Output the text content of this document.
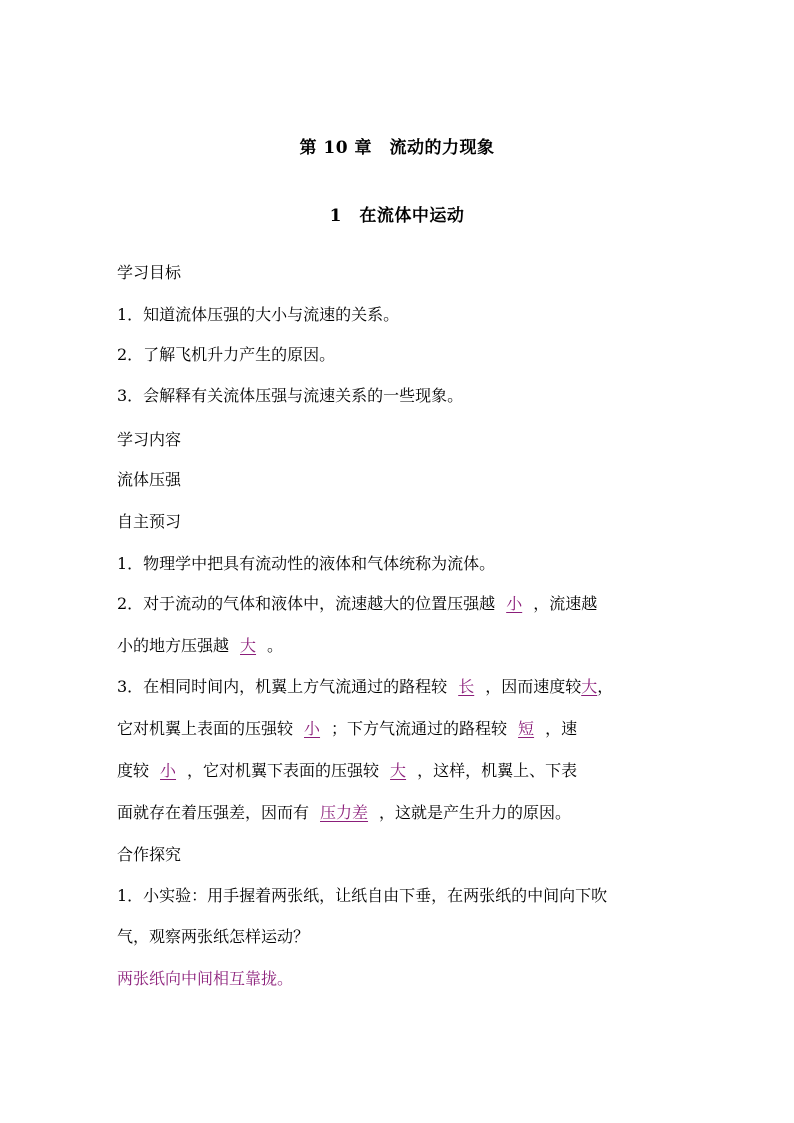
第 10 章　流动的力现象
1　在流体中运动
学习目标
1．知道流体压强的大小与流速的关系。
2．了解飞机升力产生的原因。
3．会解释有关流体压强与流速关系的一些现象。
学习内容
流体压强
自主预习
1．物理学中把具有流动性的液体和气体统称为流体。
2．对于流动的气体和液体中，流速越大的位置压强越 小 ，流速越
小的地方压强越 大 。
3．在相同时间内，机翼上方气流通过的路程较 长 ，因而速度较大，
它对机翼上表面的压强较 小 ；下方气流通过的路程较 短 ，速
度较 小 ，它对机翼下表面的压强较 大 ，这样，机翼上、下表
面就存在着压强差，因而有 压力差 ，这就是产生升力的原因。
合作探究
1．小实验：用手握着两张纸，让纸自由下垂，在两张纸的中间向下吹
气，观察两张纸怎样运动？
两张纸向中间相互靠拢。
